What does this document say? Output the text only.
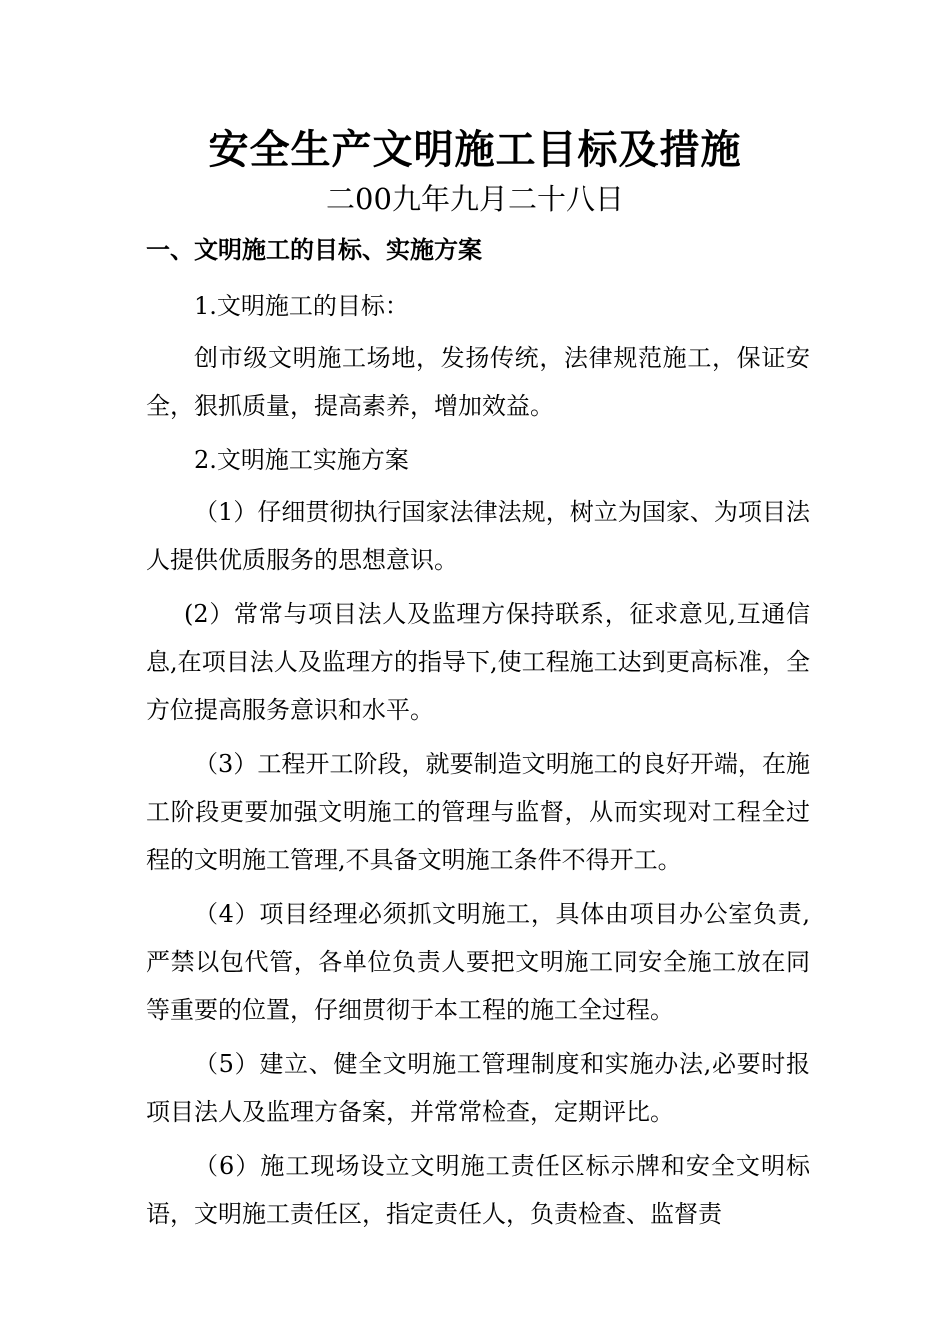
安全生产文明施工目标及措施
二00九年九月二十八日
一、文明施工的目标、实施方案

1.文明施工的目标：

创市级文明施工场地，发扬传统，法律规范施工，保证安全，狠抓质量，提高素养，增加效益。

2.文明施工实施方案

（1）仔细贯彻执行国家法律法规，树立为国家、为项目法人提供优质服务的思想意识。

(2）常常与项目法人及监理方保持联系，征求意见,互通信息,在项目法人及监理方的指导下,使工程施工达到更高标准，全方位提高服务意识和水平。

（3）工程开工阶段，就要制造文明施工的良好开端，在施工阶段更要加强文明施工的管理与监督，从而实现对工程全过程的文明施工管理,不具备文明施工条件不得开工。

（4）项目经理必须抓文明施工，具体由项目办公室负责,严禁以包代管，各单位负责人要把文明施工同安全施工放在同等重要的位置，仔细贯彻于本工程的施工全过程。

（5）建立、健全文明施工管理制度和实施办法,必要时报项目法人及监理方备案，并常常检查，定期评比。

（6）施工现场设立文明施工责任区标示牌和安全文明标语，文明施工责任区，指定责任人，负责检查、监督责
